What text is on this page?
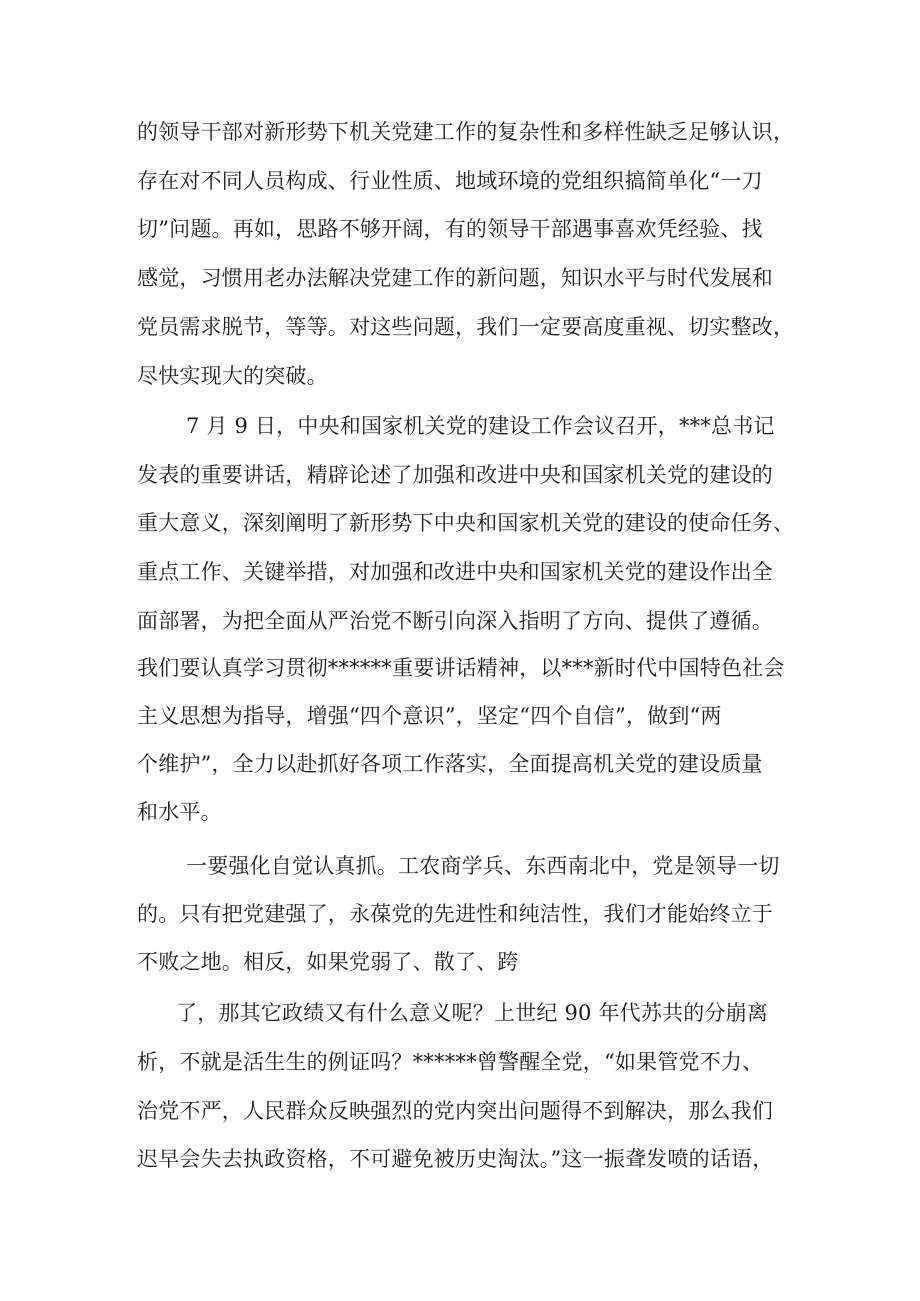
的领导干部对新形势下机关党建工作的复杂性和多样性缺乏足够认识，
存在对不同人员构成、行业性质、地域环境的党组织搞简单化“一刀
切”问题。再如，思路不够开阔，有的领导干部遇事喜欢凭经验、找
感觉，习惯用老办法解决党建工作的新问题，知识水平与时代发展和
党员需求脱节，等等。对这些问题，我们一定要高度重视、切实整改，
尽快实现大的突破。
7 月 9 日，中央和国家机关党的建设工作会议召开，***总书记
发表的重要讲话，精辟论述了加强和改进中央和国家机关党的建设的
重大意义，深刻阐明了新形势下中央和国家机关党的建设的使命任务、
重点工作、关键举措，对加强和改进中央和国家机关党的建设作出全
面部署，为把全面从严治党不断引向深入指明了方向、提供了遵循。
我们要认真学习贯彻******重要讲话精神，以***新时代中国特色社会
主义思想为指导，增强“四个意识”，坚定“四个自信”，做到“两
个维护”，全力以赴抓好各项工作落实，全面提高机关党的建设质量
和水平。
一要强化自觉认真抓。工农商学兵、东西南北中，党是领导一切
的。只有把党建强了，永葆党的先进性和纯洁性，我们才能始终立于
不败之地。相反，如果党弱了、散了、跨
了，那其它政绩又有什么意义呢？上世纪 90 年代苏共的分崩离
析，不就是活生生的例证吗？******曾警醒全党，“如果管党不力、
治党不严，人民群众反映强烈的党内突出问题得不到解决，那么我们
迟早会失去执政资格，不可避免被历史淘汰。”这一振聋发喷的话语，
